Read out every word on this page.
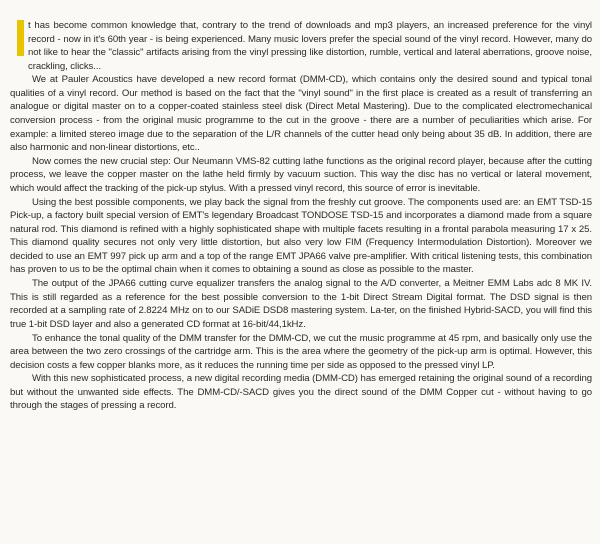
t has become common knowledge that, contrary to the trend of downloads and mp3 players, an increased preference for the vinyl record - now in it's 60th year - is being experienced. Many music lovers prefer the special sound of the vinyl record. However, many do not like to hear the "classic" artifacts arising from the vinyl pressing like distortion, rumble, vertical and lateral aberrations, groove noise, crackling, clicks...

We at Pauler Acoustics have developed a new record format (DMM-CD), which contains only the desired sound and typical tonal qualities of a vinyl record. Our method is based on the fact that the "vinyl sound" in the first place is created as a result of transferring an analogue or digital master on to a copper-coated stainless steel disk (Direct Metal Mastering). Due to the complicated electromechanical conversion process - from the original music programme to the cut in the groove - there are a number of peculiarities which arise. For example: a limited stereo image due to the separation of the L/R channels of the cutter head only being about 35 dB. In addition, there are also harmonic and non-linear distortions, etc..

Now comes the new crucial step: Our Neumann VMS-82 cutting lathe functions as the original record player, because after the cutting process, we leave the copper master on the lathe held firmly by vacuum suction. This way the disc has no vertical or lateral movement, which would affect the tracking of the pick-up stylus. With a pressed vinyl record, this source of error is inevitable.

Using the best possible components, we play back the signal from the freshly cut groove. The components used are: an EMT TSD-15 Pick-up, a factory built special version of EMT's legendary Broadcast TONDOSE TSD-15 and incorporates a diamond made from a square natural rod. This diamond is refined with a highly sophisticated shape with multiple facets resulting in a frontal parabola measuring 17 x 25. This diamond quality secures not only very little distortion, but also very low FIM (Frequency Intermodulation Distortion). Moreover we decided to use an EMT 997 pick up arm and a top of the range EMT JPA66 valve pre-amplifier. With critical listening tests, this combination has proven to us to be the optimal chain when it comes to obtaining a sound as close as possible to the master.

The output of the JPA66 cutting curve equalizer transfers the analog signal to the A/D converter, a Meitner EMM Labs adc 8 MK IV. This is still regarded as a reference for the best possible conversion to the 1-bit Direct Stream Digital format. The DSD signal is then recorded at a sampling rate of 2.8224 MHz on to our SADiE DSD8 mastering system. La-ter, on the finished Hybrid-SACD, you will find this true 1-bit DSD layer and also a generated CD format at 16-bit/44,1kHz.

To enhance the tonal quality of the DMM transfer for the DMM-CD, we cut the music programme at 45 rpm, and basically only use the area between the two zero crossings of the cartridge arm. This is the area where the geometry of the pick-up arm is optimal. However, this decision costs a few copper blanks more, as it reduces the running time per side as opposed to the pressed vinyl LP.

With this new sophisticated process, a new digital recording media (DMM-CD) has emerged retaining the original sound of a recording but without the unwanted side effects. The DMM-CD/-SACD gives you the direct sound of the DMM Copper cut - without having to go through the stages of pressing a record.
